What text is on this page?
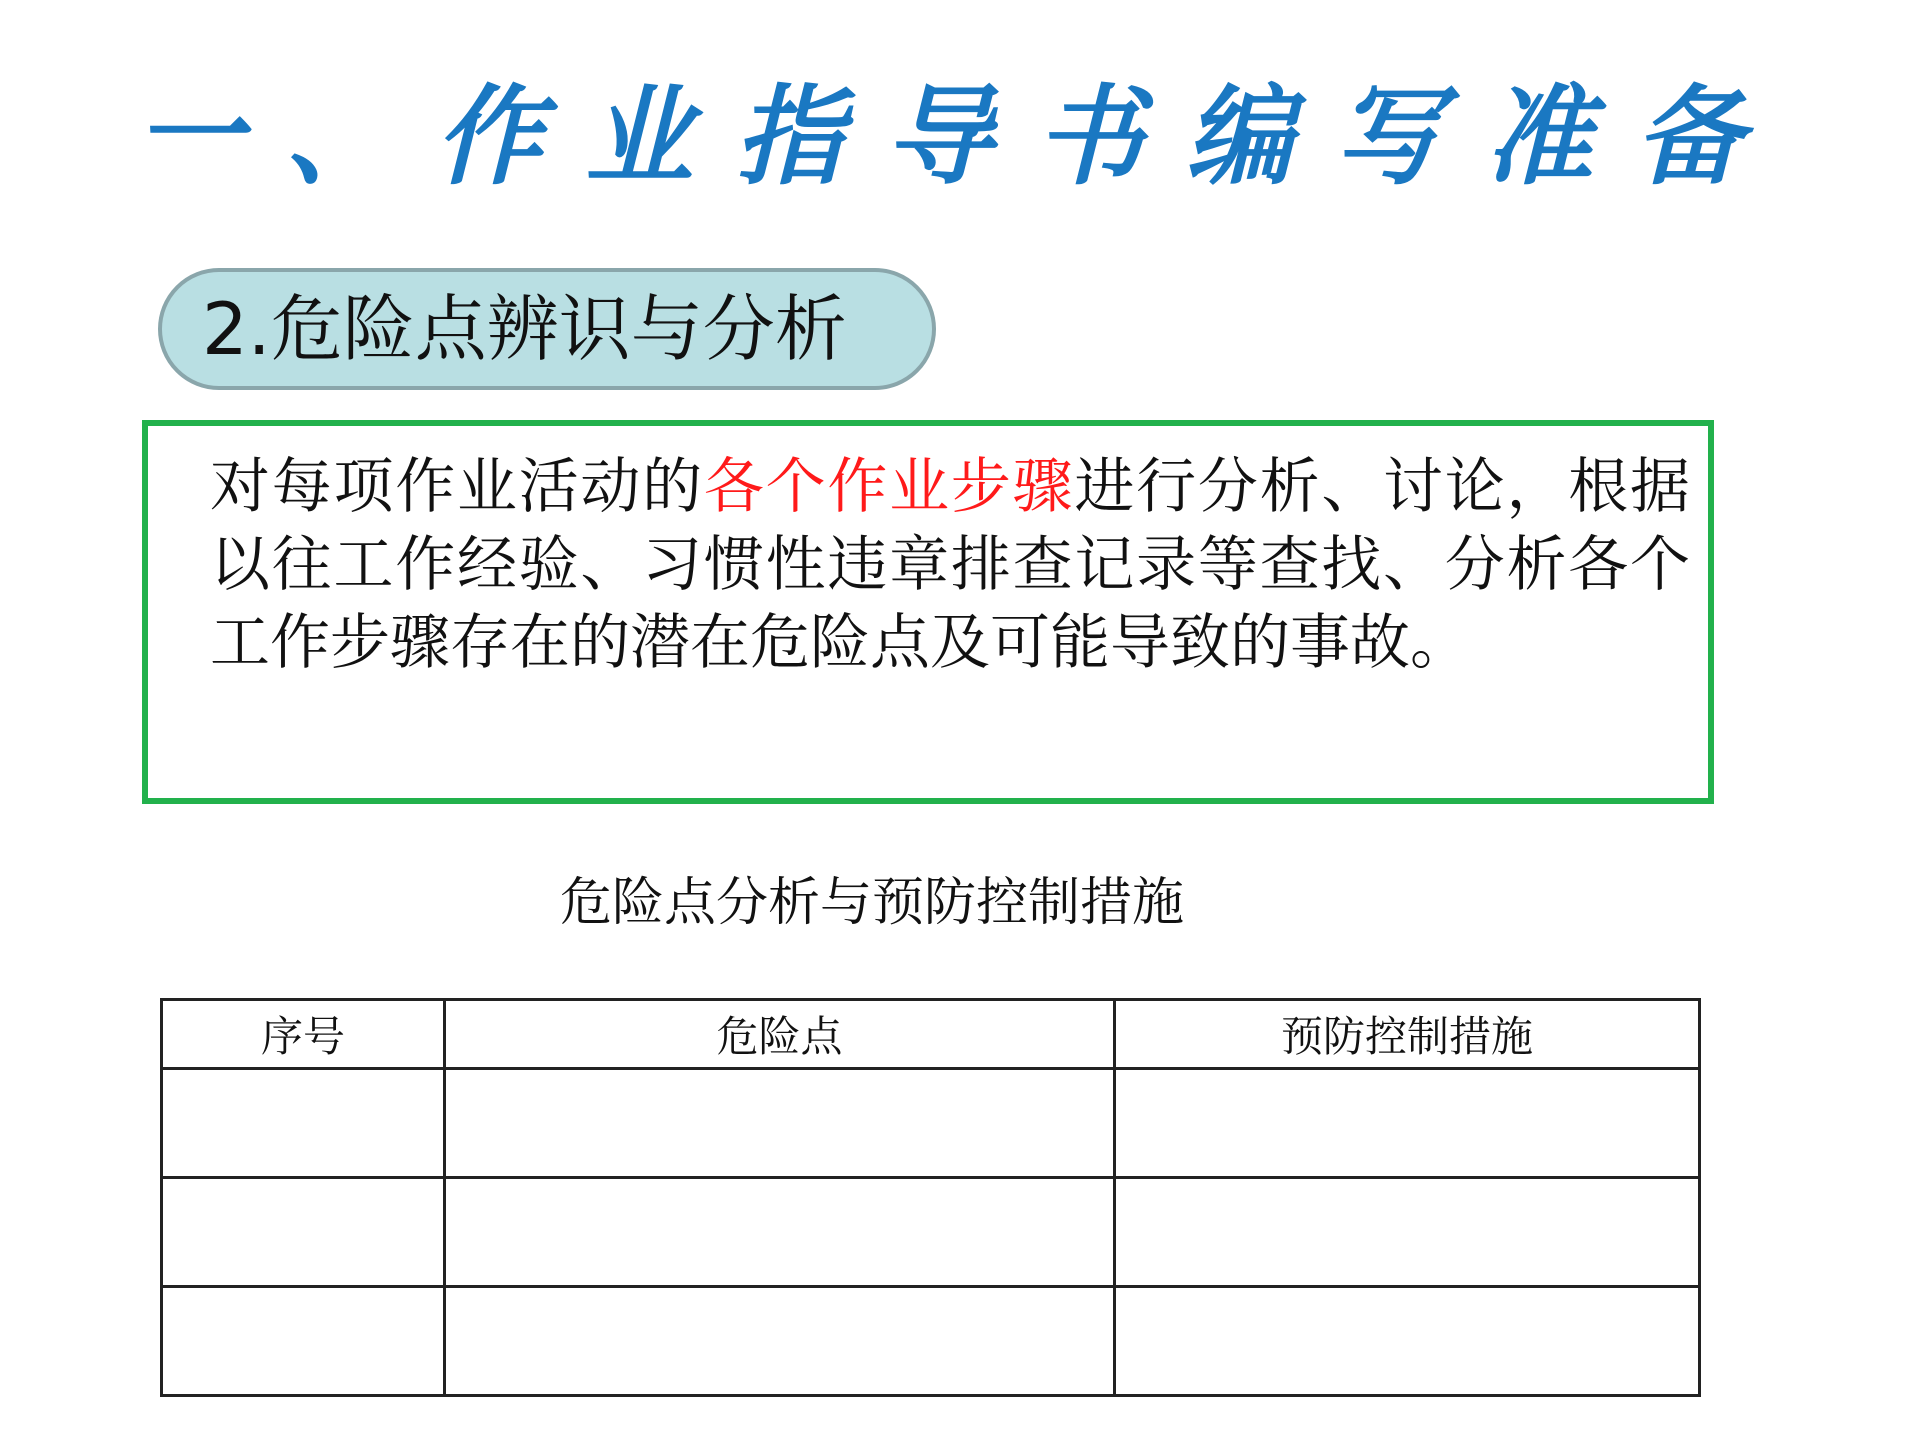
一、作业指导书编写准备
2.危险点辨识与分析
对每项作业活动的各个作业步骤进行分析、讨论，根据以往工作经验、习惯性违章排查记录等查找、分析各个工作步骤存在的潜在危险点及可能导致的事故。
危险点分析与预防控制措施
序号	危险点	预防控制措施
